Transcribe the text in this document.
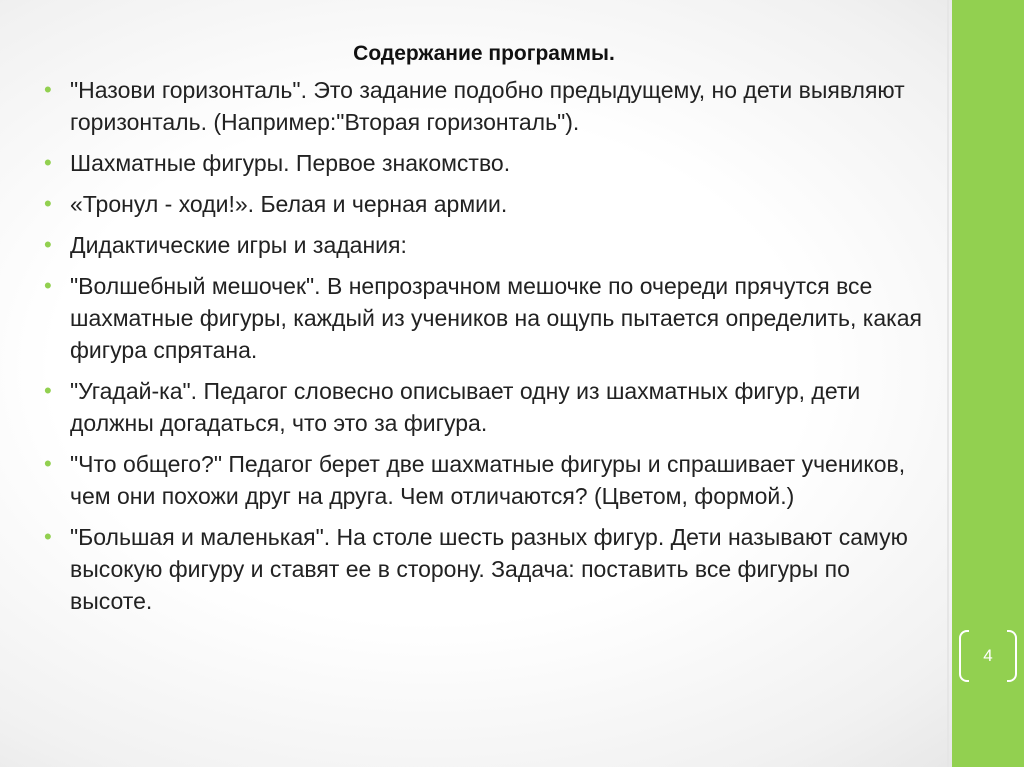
4
Содержание программы.
• "Назови горизонталь". Это задание подобно предыдущему, но дети выявляют горизонталь. (Например:"Вторая горизонталь").
• Шахматные фигуры. Первое знакомство.
• «Тронул - ходи!». Белая и черная армии.
• Дидактические игры и задания:
• "Волшебный мешочек". В непрозрачном мешочке по очереди прячутся все шахматные фигуры, каждый из учеников на ощупь пытается определить, какая фигура спрятана.
• "Угадай-ка". Педагог словесно описывает одну из шахматных фигур, дети должны догадаться, что это за фигура.
• "Что общего?" Педагог берет две шахматные фигуры и спрашивает учеников, чем они похожи друг на друга. Чем отличаются? (Цветом, формой.)
• "Большая и маленькая". На столе шесть разных фигур. Дети называют самую высокую фигуру и ставят ее в сторону. Задача: поставить все фигуры по высоте.
